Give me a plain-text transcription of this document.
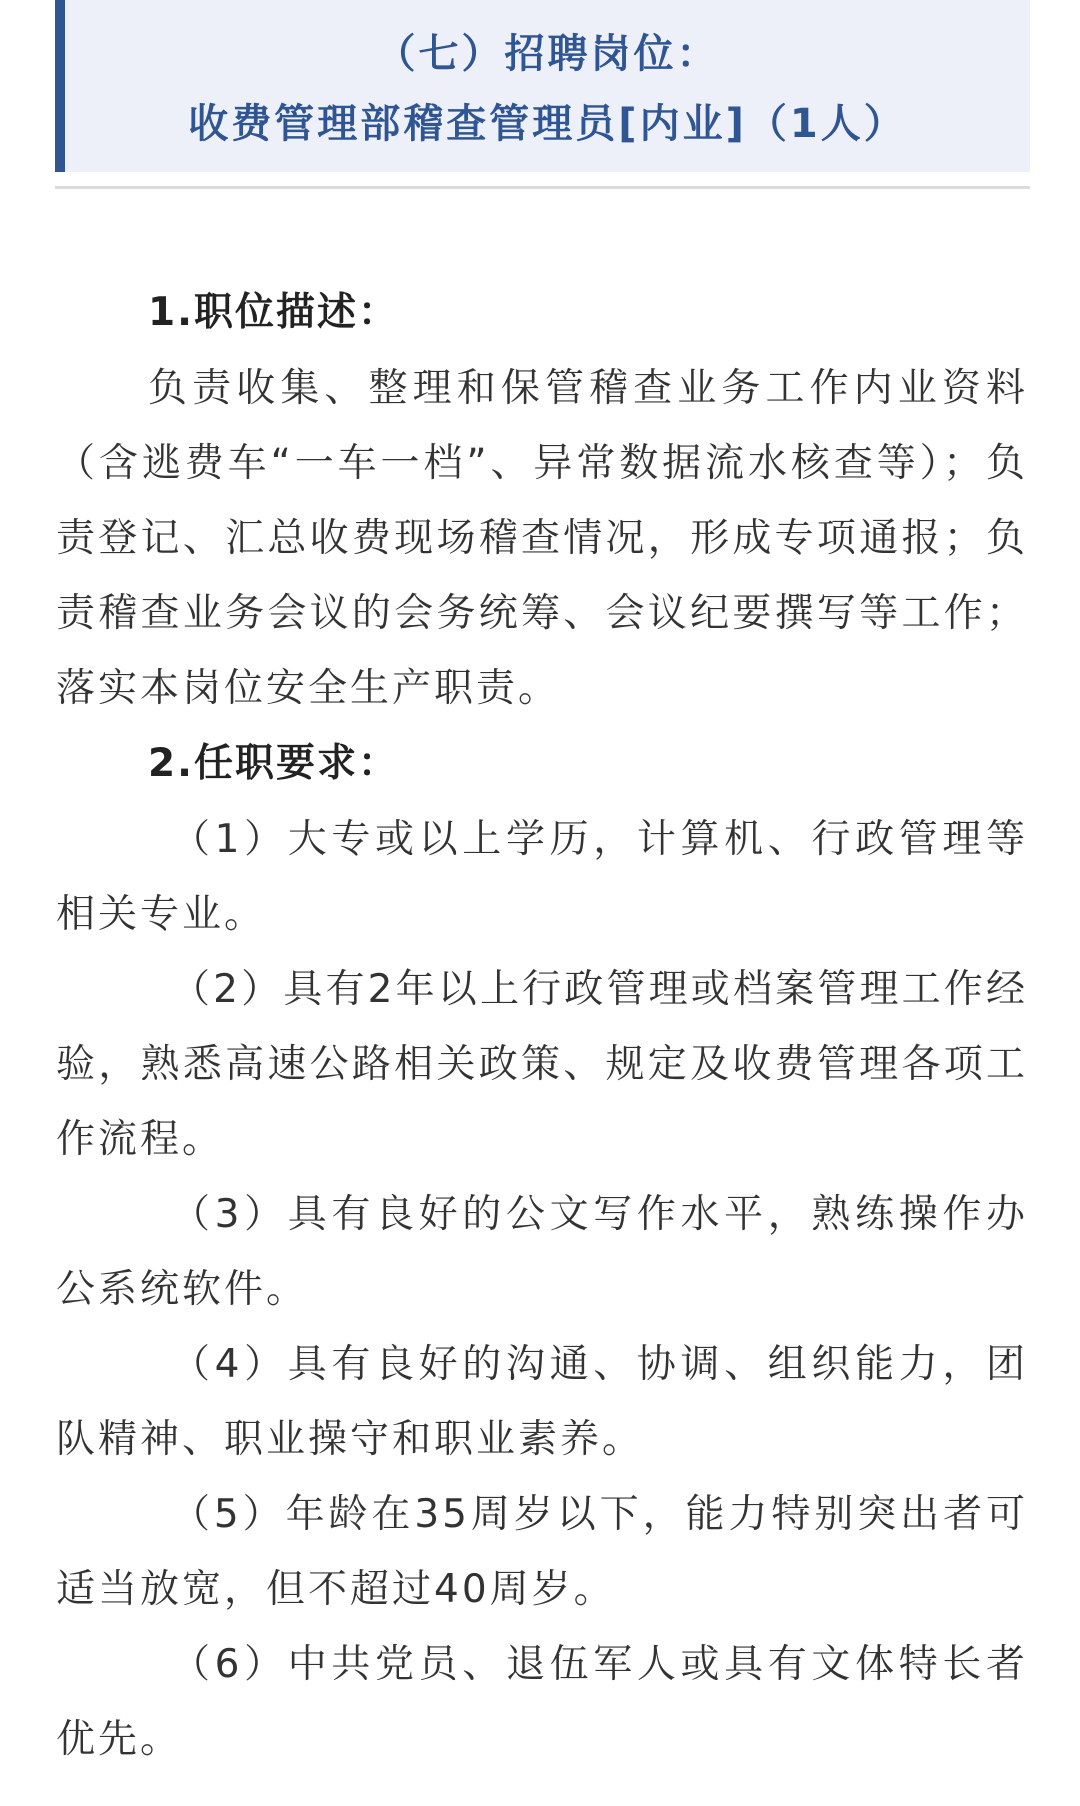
（七）招聘岗位：
收费管理部稽查管理员[内业]（1人）
1.职位描述：
负责收集、整理和保管稽查业务工作内业资料（含逃费车“一车一档”、异常数据流水核查等）；负责登记、汇总收费现场稽查情况，形成专项通报；负责稽查业务会议的会务统筹、会议纪要撰写等工作；落实本岗位安全生产职责。
2.任职要求：
（1）大专或以上学历，计算机、行政管理等相关专业。
（2）具有2年以上行政管理或档案管理工作经验，熟悉高速公路相关政策、规定及收费管理各项工作流程。
（3）具有良好的公文写作水平，熟练操作办公系统软件。
（4）具有良好的沟通、协调、组织能力，团队精神、职业操守和职业素养。
（5）年龄在35周岁以下，能力特别突出者可适当放宽，但不超过40周岁。
（6）中共党员、退伍军人或具有文体特长者优先。
